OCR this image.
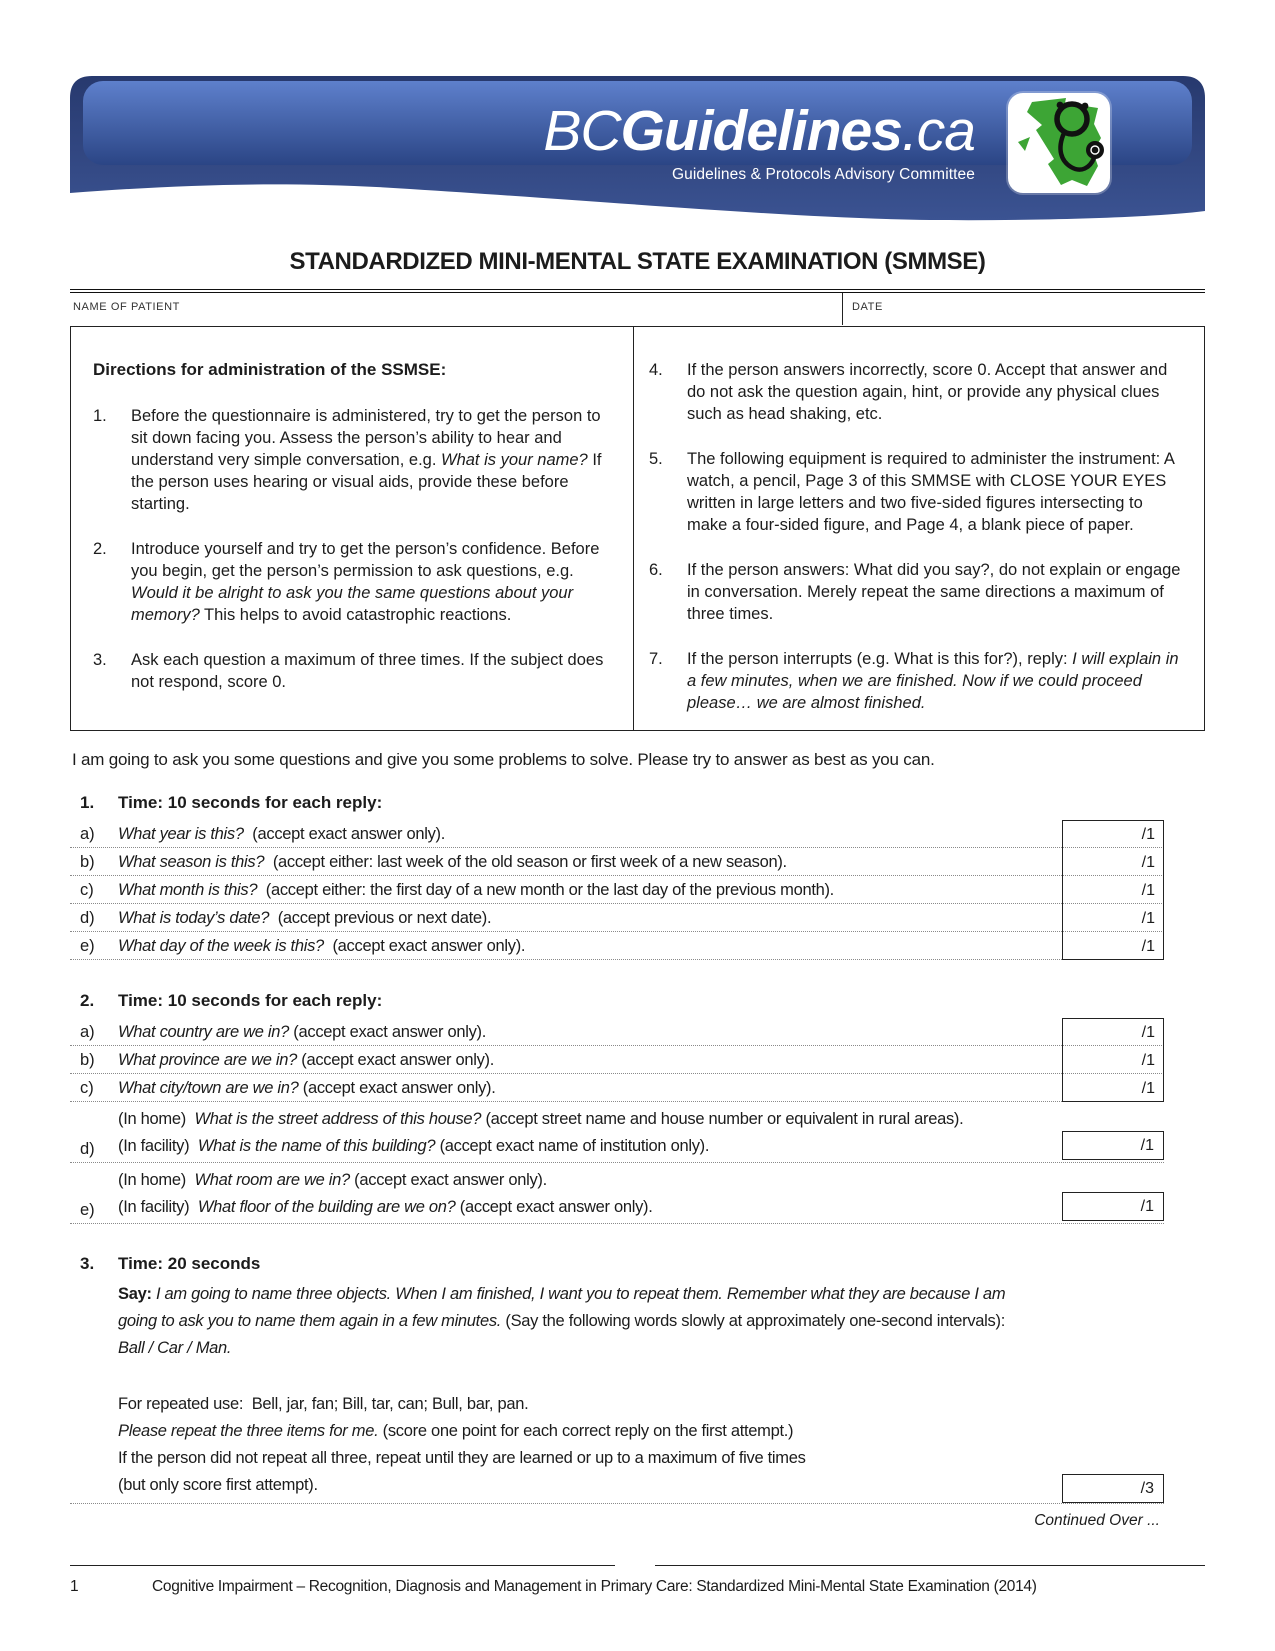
BCGuidelines.ca
Guidelines & Protocols Advisory Committee
STANDARDIZED MINI-MENTAL STATE EXAMINATION (SMMSE)
NAME OF PATIENT	DATE

Directions for administration of the SSMSE:

1.	Before the questionnaire is administered, try to get the person to sit down facing you. Assess the person’s ability to hear and understand very simple conversation, e.g. What is your name? If the person uses hearing or visual aids, provide these before starting.
2.	Introduce yourself and try to get the person’s confidence. Before you begin, get the person’s permission to ask questions, e.g. Would it be alright to ask you the same questions about your memory? This helps to avoid catastrophic reactions.
3.	Ask each question a maximum of three times. If the subject does not respond, score 0.
4.	If the person answers incorrectly, score 0. Accept that answer and do not ask the question again, hint, or provide any physical clues such as head shaking, etc.
5.	The following equipment is required to administer the instrument: A watch, a pencil, Page 3 of this SMMSE with CLOSE YOUR EYES written in large letters and two five-sided figures intersecting to make a four-sided figure, and Page 4, a blank piece of paper.
6.	If the person answers: What did you say?, do not explain or engage in conversation. Merely repeat the same directions a maximum of three times.
7.	If the person interrupts (e.g. What is this for?), reply: I will explain in a few minutes, when we are finished. Now if we could proceed please… we are almost finished.

I am going to ask you some questions and give you some problems to solve. Please try to answer as best as you can.

1.	Time: 10 seconds for each reply:
a)	What year is this?  (accept exact answer only).	/1
b)	What season is this?  (accept either: last week of the old season or first week of a new season).	/1
c)	What month is this?  (accept either: the first day of a new month or the last day of the previous month).	/1
d)	What is today’s date?  (accept previous or next date).	/1
e)	What day of the week is this?  (accept exact answer only).	/1
2.	Time: 10 seconds for each reply:
a)	What country are we in? (accept exact answer only).	/1
b)	What province are we in? (accept exact answer only).	/1
c)	What city/town are we in? (accept exact answer only).	/1
d)
(In home)  What is the street address of this house? (accept street name and house number or equivalent in rural areas).
(In facility)  What is the name of this building? (accept exact name of institution only).	/1
e)
(In home)  What room are we in? (accept exact answer only).
(In facility)  What floor of the building are we on? (accept exact answer only).	/1
3.	Time: 20 seconds

Say: I am going to name three objects. When I am finished, I want you to repeat them. Remember what they are because I am going to ask you to name them again in a few minutes. (Say the following words slowly at approximately one-second intervals):  Ball / Car / Man.

For repeated use:  Bell, jar, fan; Bill, tar, can; Bull, bar, pan.

Please repeat the three items for me. (score one point for each correct reply on the first attempt.)

If the person did not repeat all three, repeat until they are learned or up to a maximum of five times

(but only score first attempt).	/3
Continued Over ...
1	Cognitive Impairment – Recognition, Diagnosis and Management in Primary Care: Standardized Mini-Mental State Examination (2014)
